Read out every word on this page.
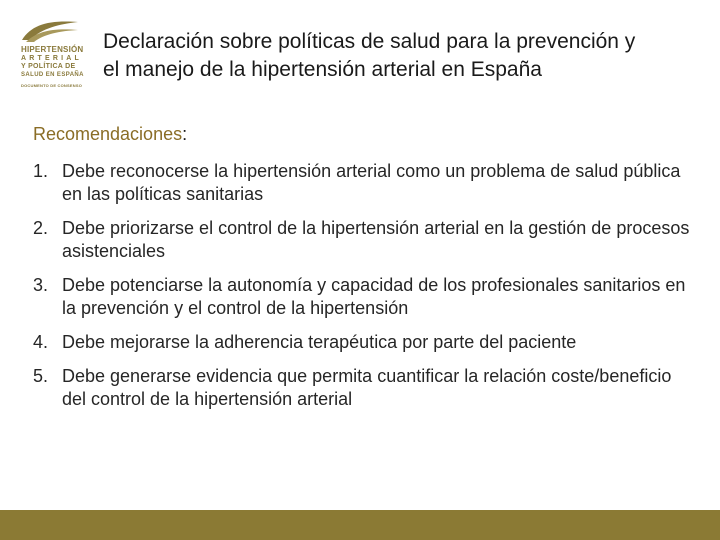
HIPERTENSIÓN
ARTERIAL
Y POLÍTICA DE
SALUD EN ESPAÑA
DOCUMENTO DE CONSENSO
Declaración sobre políticas de salud para la prevención y
el manejo de la hipertensión arterial en España
Recomendaciones:
1. Debe reconocerse la hipertensión arterial como un problema de salud pública en las políticas sanitarias
2. Debe priorizarse el control de la hipertensión arterial en la gestión de procesos asistenciales
3. Debe potenciarse la autonomía y capacidad de los profesionales sanitarios en la prevención y el control de la hipertensión
4. Debe mejorarse la adherencia terapéutica por parte del paciente
5. Debe generarse evidencia que permita cuantificar la relación coste/beneficio del control de la hipertensión arterial
